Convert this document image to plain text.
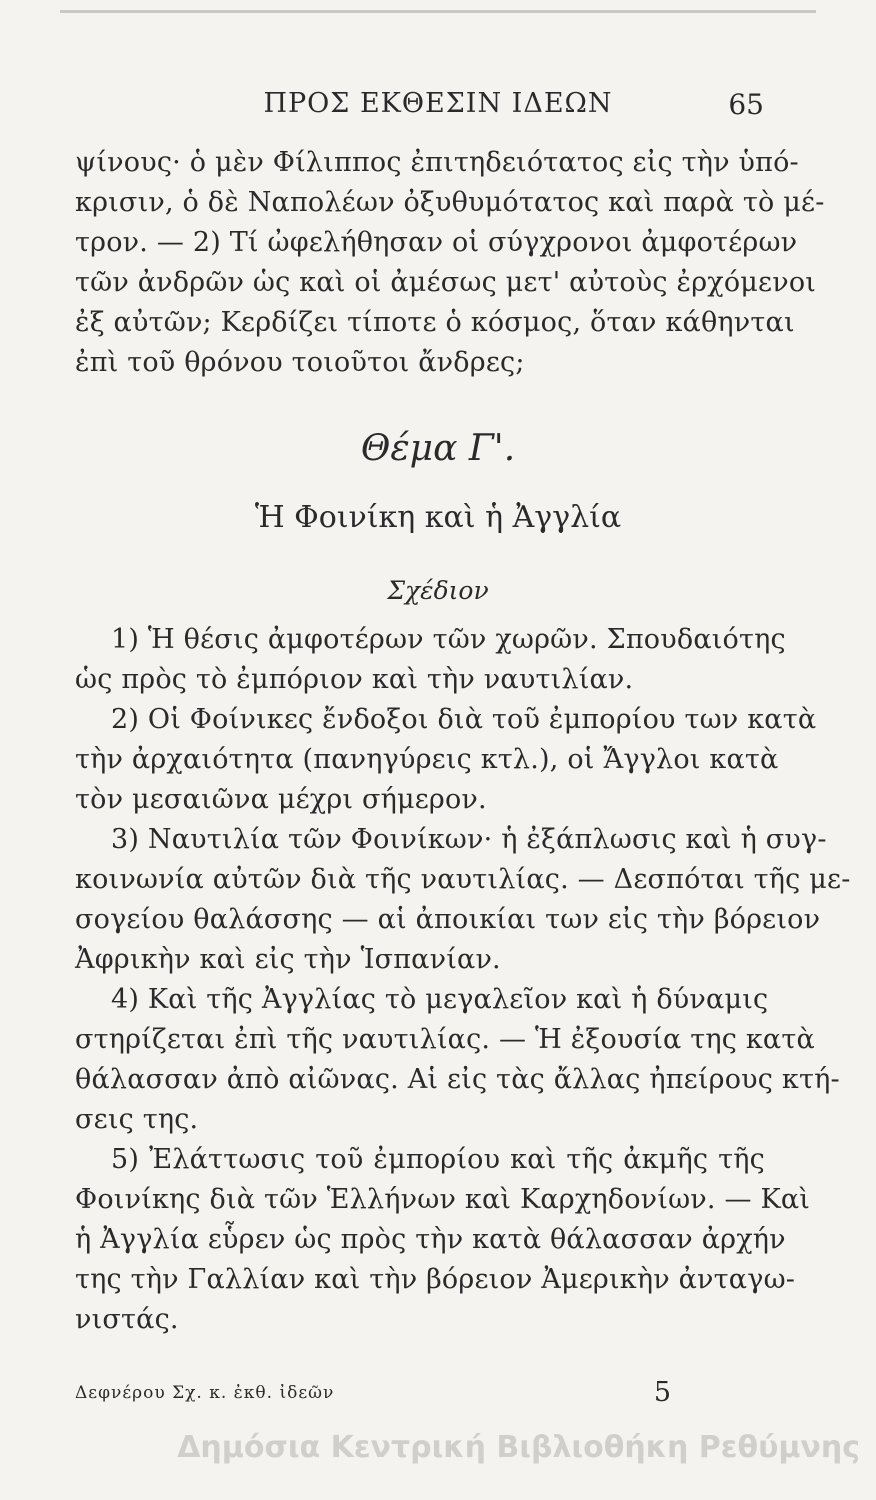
ΠΡΟΣ ΕΚΘΕΣΙΝ ΙΔΕΩΝ	65
ψίνους· ὁ μὲν Φίλιππος ἐπιτηδειότατος εἰς τὴν ὑπό-
κρισιν, ὁ δὲ Ναπολέων ὀξυθυμότατος καὶ παρὰ τὸ μέ-
τρον. — 2) Τί ὠφελήθησαν οἱ σύγχρονοι ἀμφοτέρων
τῶν ἀνδρῶν ὡς καὶ οἱ ἀμέσως μετ' αὐτοὺς ἐρχόμενοι
ἐξ αὐτῶν; Κερδίζει τίποτε ὁ κόσμος, ὅταν κάθηνται
ἐπὶ τοῦ θρόνου τοιοῦτοι ἄνδρες;
Θέμα Γ'.
Ἡ Φοινίκη καὶ ἡ Ἀγγλία
Σχέδιον
1) Ἡ θέσις ἀμφοτέρων τῶν χωρῶν. Σπουδαιότης
ὡς πρὸς τὸ ἐμπόριον καὶ τὴν ναυτιλίαν.
2) Οἱ Φοίνικες ἔνδοξοι διὰ τοῦ ἐμπορίου των κατὰ
τὴν ἀρχαιότητα (πανηγύρεις κτλ.), οἱ Ἄγγλοι κατὰ
τὸν μεσαιῶνα μέχρι σήμερον.
3) Ναυτιλία τῶν Φοινίκων· ἡ ἐξάπλωσις καὶ ἡ συγ-
κοινωνία αὐτῶν διὰ τῆς ναυτιλίας. — Δεσπόται τῆς με-
σογείου θαλάσσης — αἱ ἀποικίαι των εἰς τὴν βόρειον
Ἀφρικὴν καὶ εἰς τὴν Ἱσπανίαν.
4) Καὶ τῆς Ἀγγλίας τὸ μεγαλεῖον καὶ ἡ δύναμις
στηρίζεται ἐπὶ τῆς ναυτιλίας. — Ἡ ἐξουσία της κατὰ
θάλασσαν ἀπὸ αἰῶνας. Αἱ εἰς τὰς ἄλλας ἠπείρους κτή-
σεις της.
5) Ἐλάττωσις τοῦ ἐμπορίου καὶ τῆς ἀκμῆς τῆς
Φοινίκης διὰ τῶν Ἑλλήνων καὶ Καρχηδονίων. — Καὶ
ἡ Ἀγγλία εὗρεν ὡς πρὸς τὴν κατὰ θάλασσαν ἀρχήν
της τὴν Γαλλίαν καὶ τὴν βόρειον Ἀμερικὴν ἀνταγω-
νιστάς.
Δεφνέρου Σχ. κ. ἐκθ. ἰδεῶν	5
Δημόσια Κεντρική Βιβλιοθήκη Ρεθύμνης
